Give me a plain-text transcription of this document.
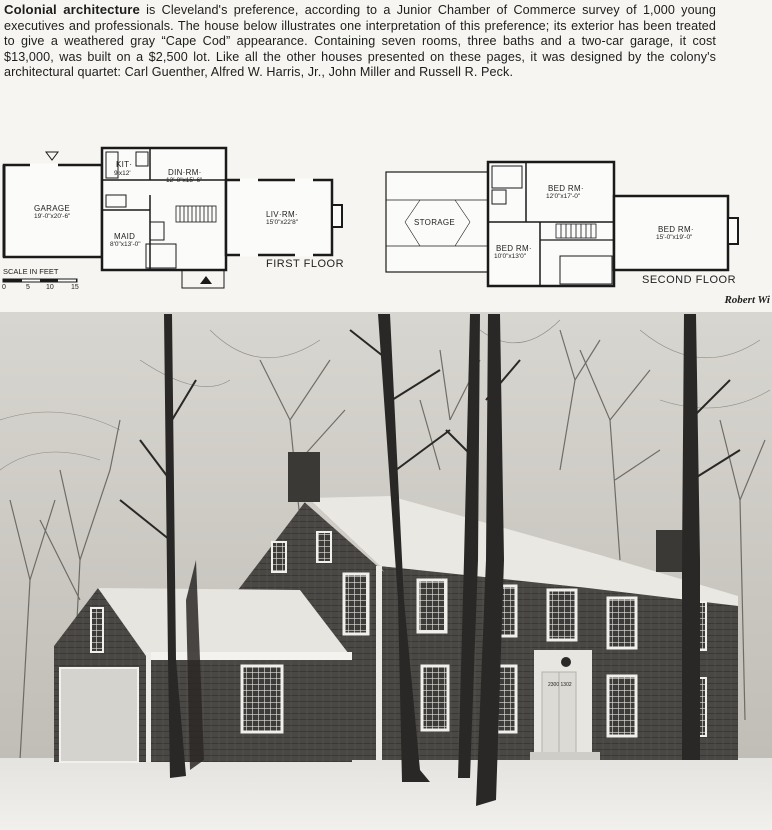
Colonial architecture is Cleveland's preference, according to a Junior Chamber of Commerce survey of 1,000 young executives and professionals. The house below illustrates one interpretation of this preference; its exterior has been treated to give a weathered gray “Cape Cod” appearance. Containing seven rooms, three baths and a two-car garage, it cost $13,000, was built on a $2,500 lot. Like all the other houses presented on these pages, it was designed by the colony's architectural quartet: Carl Guenther, Alfred W. Harris, Jr., John Miller and Russell R. Peck.
2300 1302
GARAGE
19'-0"x20'-6"
KIT·
9'x12'	DIN·RM·
12'-0"x15'-6"
LIV·RM·
15'0"x22'8"
MAID
8'0"x13'-0"
FIRST FLOOR
STORAGE
BED RM·
12'0"x17'-0"
BED RM·
10'0"x13'0"
BED RM·
15'-0"x19'-0"
SECOND FLOOR
SCALE IN FEET
0	5 10 15
Robert Wi
